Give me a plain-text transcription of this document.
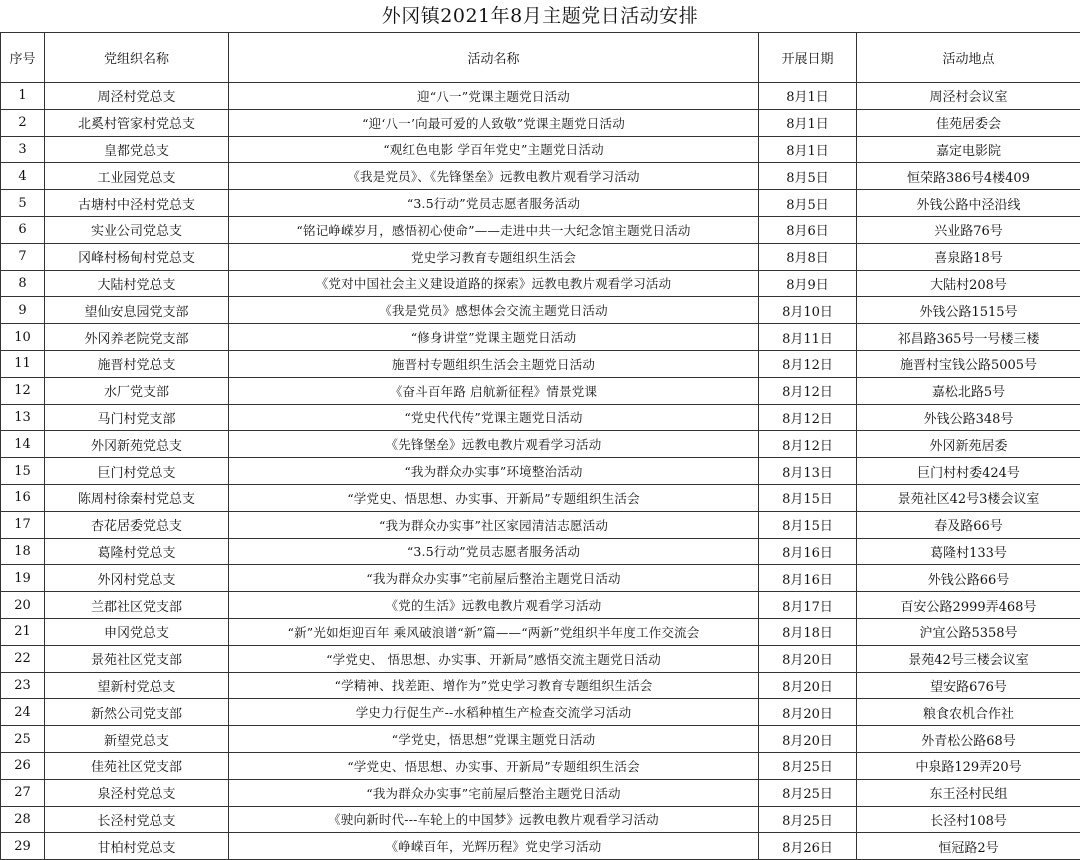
外冈镇2021年8月主题党日活动安排
序号	党组织名称	活动名称	开展日期	活动地点
1	周泾村党总支	迎“八一”党课主题党日活动	8月1日	周泾村会议室
2	北奚村管家村党总支	“迎‘八一’向最可爱的人致敬”党课主题党日活动	8月1日	佳苑居委会
3	皇都党总支	“观红色电影 学百年党史”主题党日活动	8月1日	嘉定电影院
4	工业园党总支	《我是党员》、《先锋堡垒》远教电教片观看学习活动	8月5日	恒荣路386号4楼409
5	古塘村中泾村党总支	“3.5行动”党员志愿者服务活动	8月5日	外钱公路中泾沿线
6	实业公司党总支	“铭记峥嵘岁月，感悟初心使命”——走进中共一大纪念馆主题党日活动	8月6日	兴业路76号
7	冈峰村杨甸村党总支	党史学习教育专题组织生活会	8月8日	喜泉路18号
8	大陆村党总支	《党对中国社会主义建设道路的探索》远教电教片观看学习活动	8月9日	大陆村208号
9	望仙安息园党支部	《我是党员》感想体会交流主题党日活动	8月10日	外钱公路1515号
10	外冈养老院党支部	“修身讲堂”党课主题党日活动	8月11日	祁昌路365号一号楼三楼
11	施晋村党总支	施晋村专题组织生活会主题党日活动	8月12日	施晋村宝钱公路5005号
12	水厂党支部	《奋斗百年路 启航新征程》情景党课	8月12日	嘉松北路5号
13	马门村党支部	“党史代代传”党课主题党日活动	8月12日	外钱公路348号
14	外冈新苑党总支	《先锋堡垒》远教电教片观看学习活动	8月12日	外冈新苑居委
15	巨门村党总支	“我为群众办实事”环境整治活动	8月13日	巨门村村委424号
16	陈周村徐秦村党总支	“学党史、悟思想、办实事、开新局”专题组织生活会	8月15日	景苑社区42号3楼会议室
17	杏花居委党总支	“我为群众办实事”社区家园清洁志愿活动	8月15日	春及路66号
18	葛隆村党总支	“3.5行动”党员志愿者服务活动	8月16日	葛隆村133号
19	外冈村党总支	“我为群众办实事”宅前屋后整治主题党日活动	8月16日	外钱公路66号
20	兰郡社区党支部	《党的生活》远教电教片观看学习活动	8月17日	百安公路2999弄468号
21	申冈党总支	“新”光如炬迎百年 乘风破浪谱“新”篇——“两新”党组织半年度工作交流会	8月18日	沪宜公路5358号
22	景苑社区党支部	“学党史、 悟思想、办实事、开新局”感悟交流主题党日活动	8月20日	景苑42号三楼会议室
23	望新村党总支	“学精神、找差距、增作为”党史学习教育专题组织生活会	8月20日	望安路676号
24	新然公司党支部	学史力行促生产--水稻种植生产检查交流学习活动	8月20日	粮食农机合作社
25	新望党总支	“学党史，悟思想”党课主题党日活动	8月20日	外青松公路68号
26	佳苑社区党支部	“学党史、悟思想、办实事、开新局”专题组织生活会	8月25日	中泉路129弄20号
27	泉泾村党总支	“我为群众办实事”宅前屋后整治主题党日活动	8月25日	东王泾村民组
28	长泾村党总支	《驶向新时代---车轮上的中国梦》远教电教片观看学习活动	8月25日	长泾村108号
29	甘柏村党总支	《峥嵘百年，光辉历程》党史学习活动	8月26日	恒冠路2号
